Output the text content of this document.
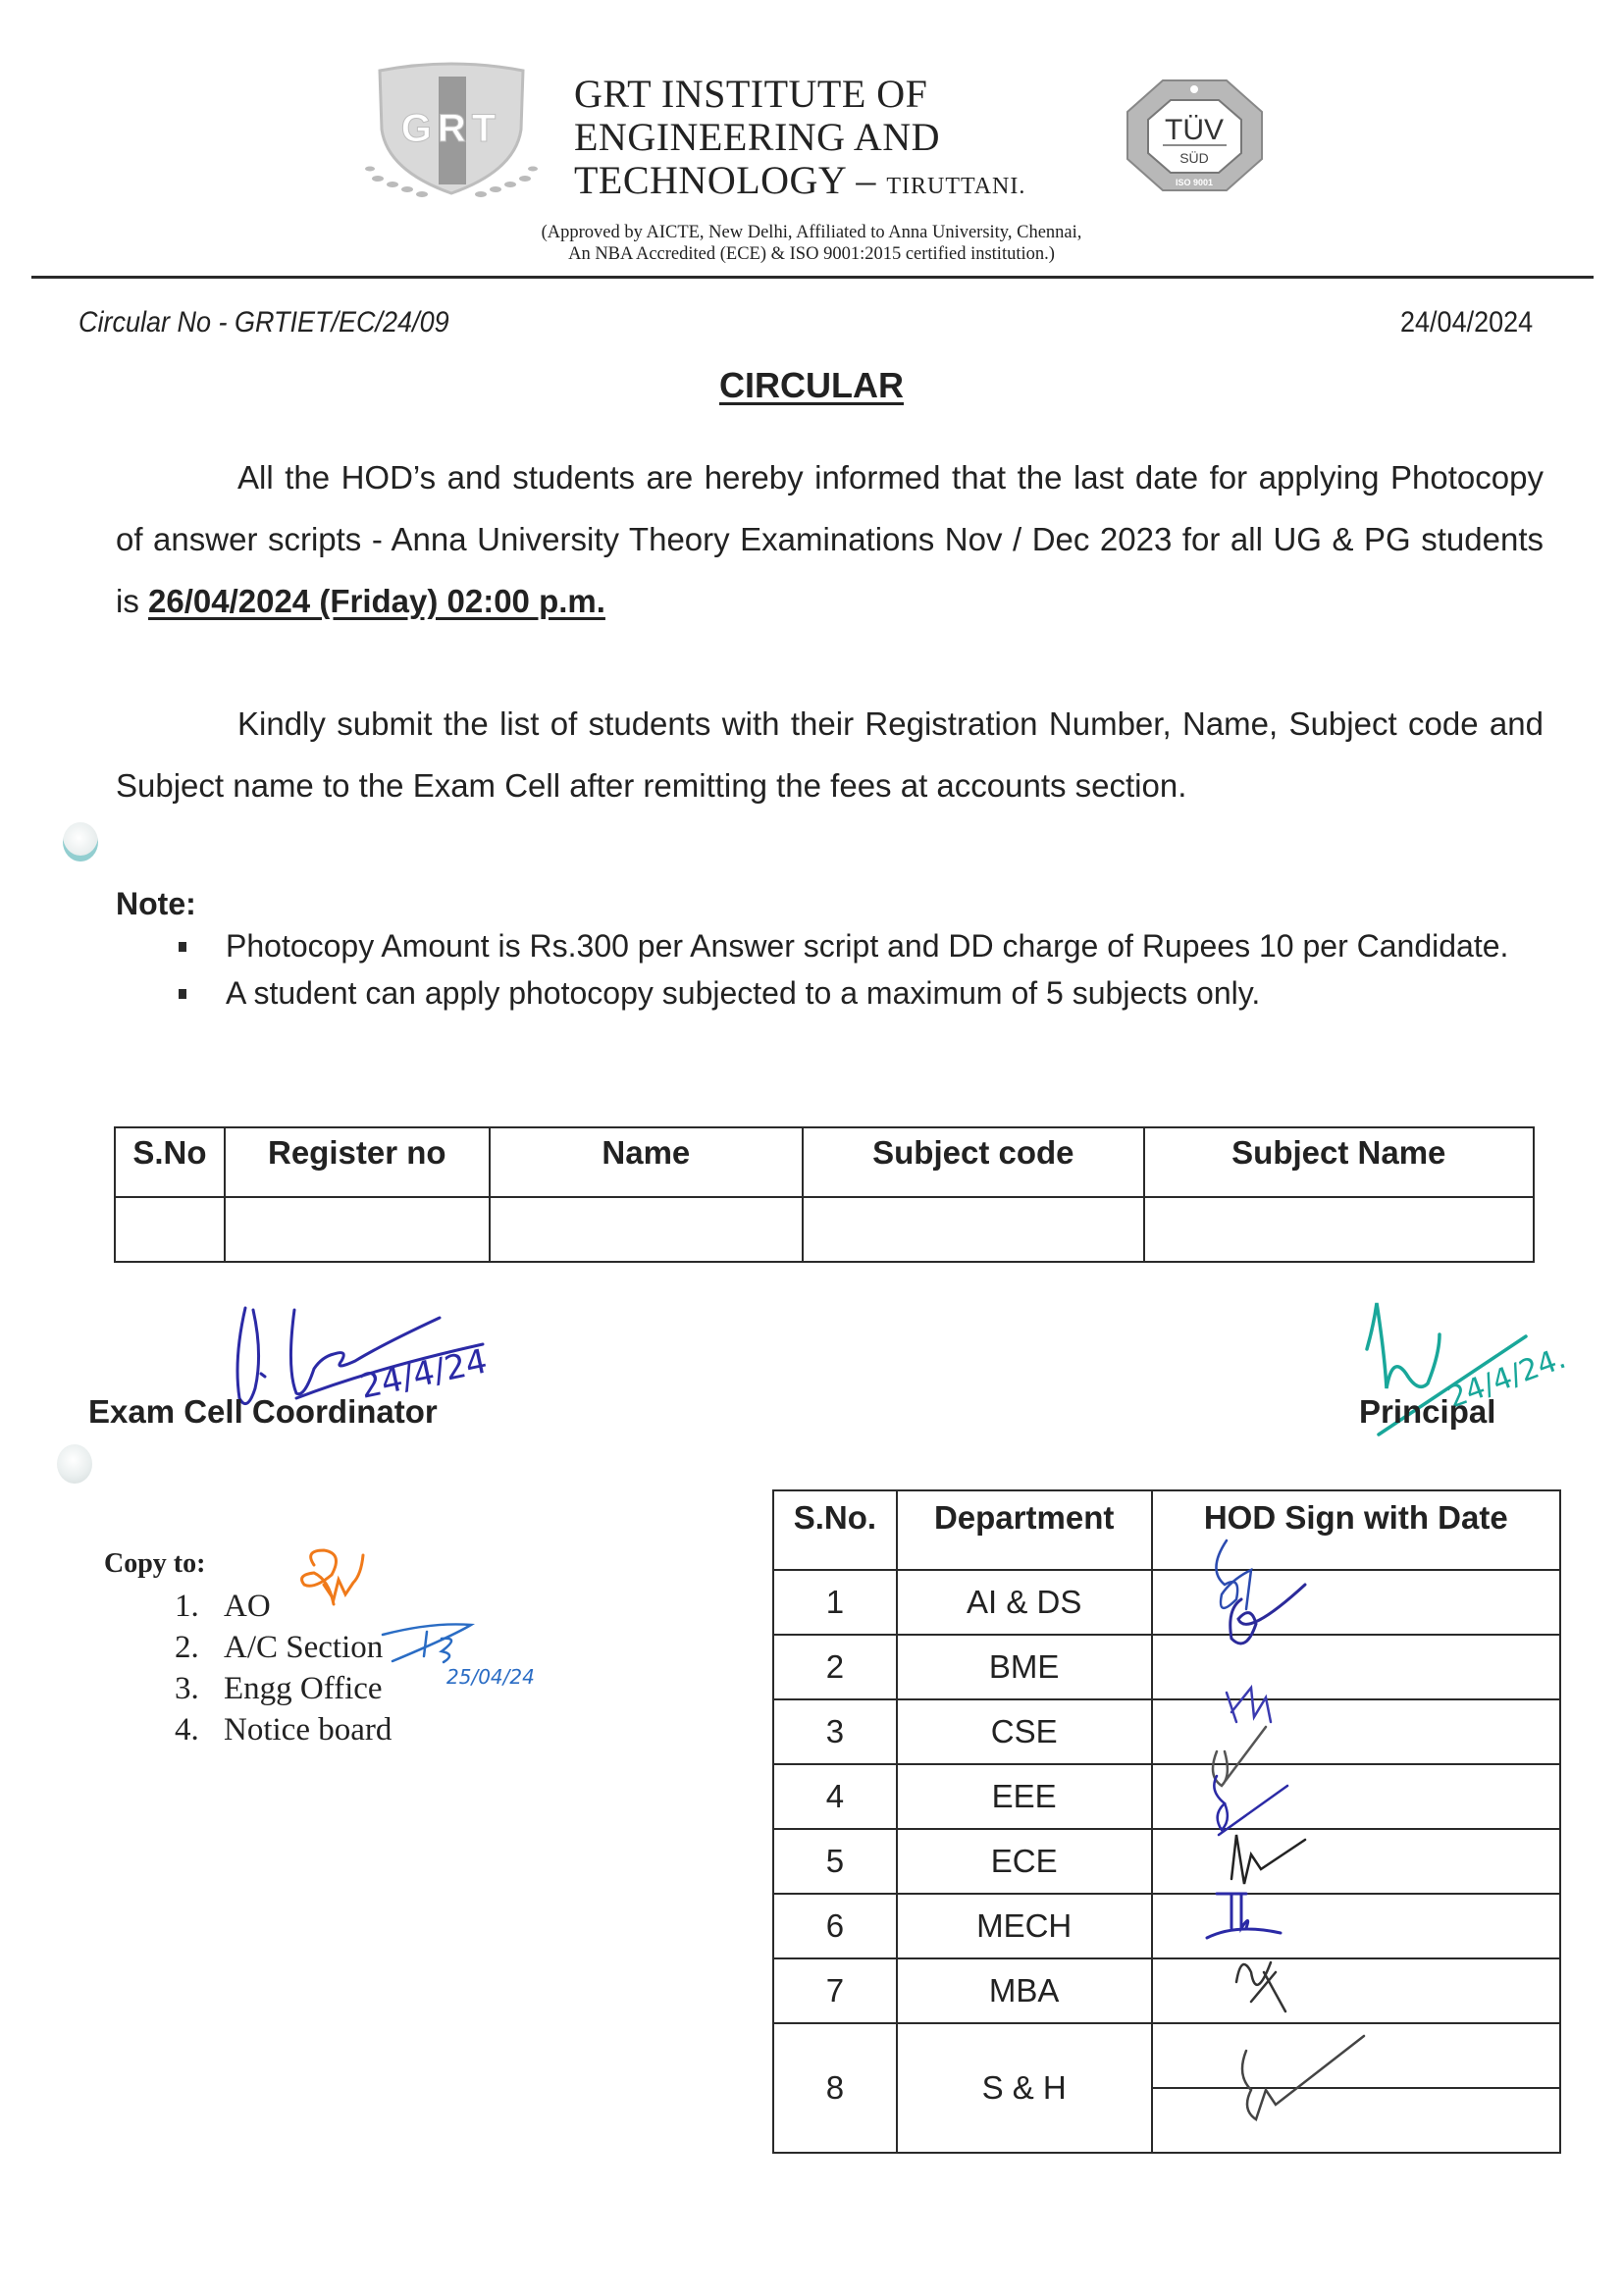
GRT
GRT INSTITUTE OF
ENGINEERING AND
TECHNOLOGY – TIRUTTANI.
TÜV
SÜD
ISO 9001
(Approved by AICTE, New Delhi, Affiliated to Anna University, Chennai,
An NBA Accredited (ECE) & ISO 9001:2015 certified institution.)
Circular No - GRTIET/EC/24/09	24/04/2024
CIRCULAR
All the HOD’s and students are hereby informed that the last date for applying Photocopy of answer scripts - Anna University Theory Examinations Nov / Dec 2023 for all UG & PG students is 26/04/2024 (Friday) 02:00 p.m.
Kindly submit the list of students with their Registration Number, Name, Subject code and Subject name to the Exam Cell after remitting the fees at accounts section.
Note:
Photocopy Amount is Rs.300 per Answer script and DD charge of Rupees 10 per Candidate.
A student can apply photocopy subjected to a maximum of 5 subjects only.
S.No	Register no	Name	Subject code	Subject Name

24/4/24
Exam Cell Coordinator	24/4/24.
Principal
Copy to:
1. AO
2. A/C Section
3. Engg Office
4. Notice board
25/04/24
S.No.	Department	HOD Sign with Date
1	AI & DS	
2	BME	
3	CSE	
4	EEE	
5	ECE	
6	MECH	
7	MBA	
8	S & H	
